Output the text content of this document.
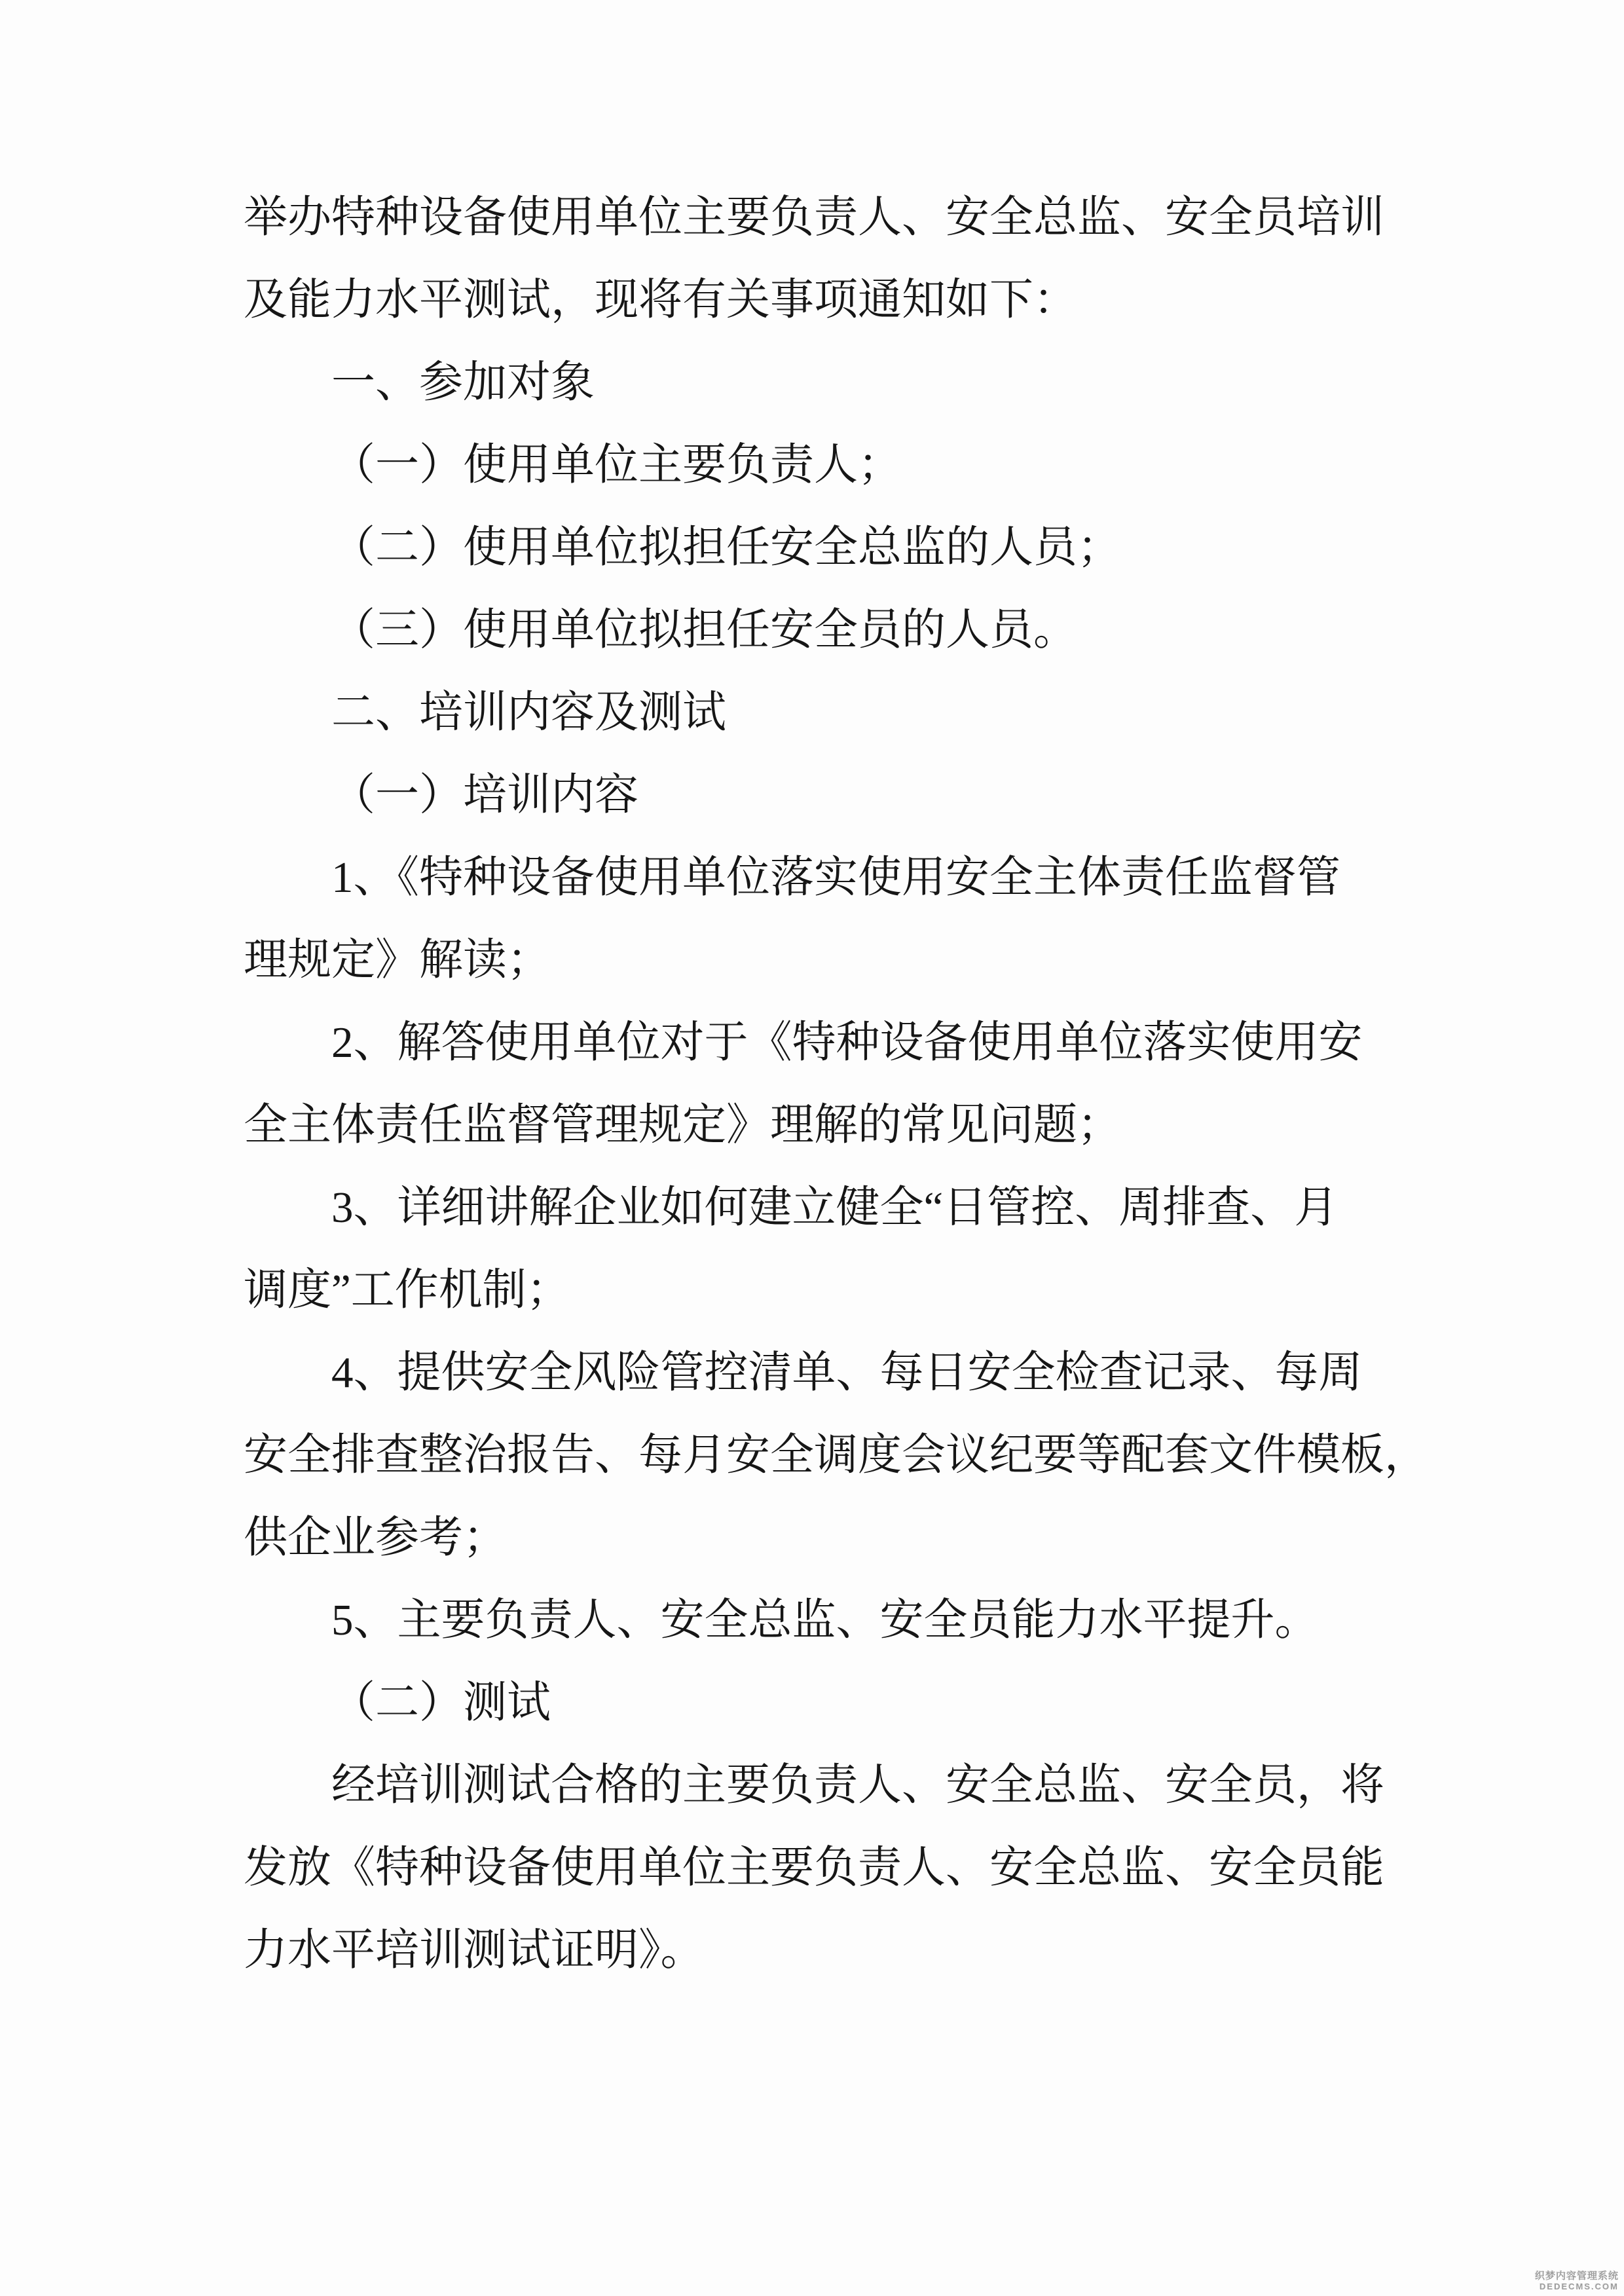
举办特种设备使用单位主要负责人、安全总监、安全员培训
及能力水平测试，现将有关事项通知如下：
一、参加对象
（一）使用单位主要负责人；
（二）使用单位拟担任安全总监的人员；
（三）使用单位拟担任安全员的人员。
二、培训内容及测试
（一）培训内容
1、《特种设备使用单位落实使用安全主体责任监督管
理规定》解读；
2、解答使用单位对于《特种设备使用单位落实使用安
全主体责任监督管理规定》理解的常见问题；
3、详细讲解企业如何建立健全“日管控、周排查、月
调度”工作机制；
4、提供安全风险管控清单、每日安全检查记录、每周
安全排查整治报告、每月安全调度会议纪要等配套文件模板，
供企业参考；
5、主要负责人、安全总监、安全员能力水平提升。
（二）测试
经培训测试合格的主要负责人、安全总监、安全员，将
发放《特种设备使用单位主要负责人、安全总监、安全员能
力水平培训测试证明》。
织梦内容管理系统
DEDECMS.COM
